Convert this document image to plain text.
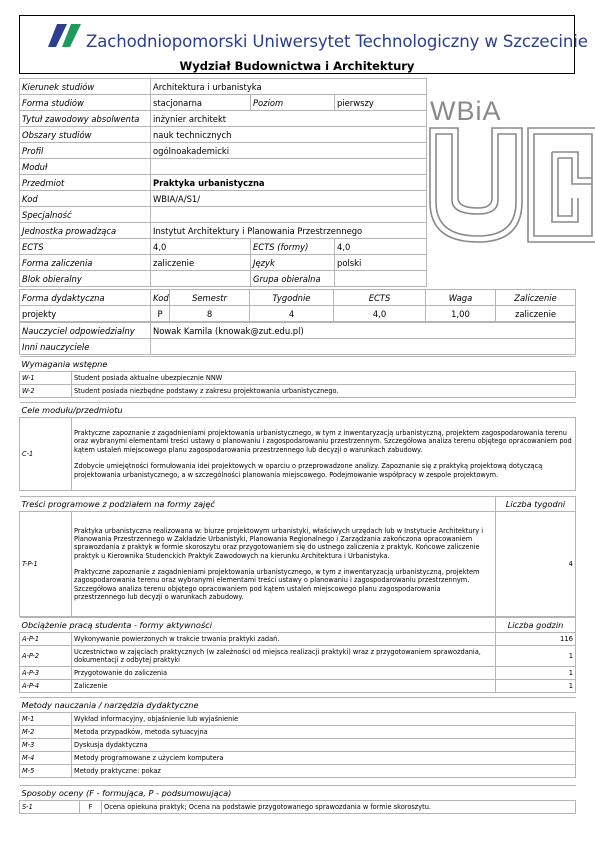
Zachodniopomorski Uniwersytet Technologiczny w Szczecinie
Wydział Budownictwa i Architektury
WBiA
Kierunek studiów	Architektura i urbanistyka			
Forma studiów	stacjonarna	Poziom	pierwszy	
Tytuł zawodowy absolwenta	inżynier architekt			
Obszary studiów	nauk technicznych			
Profil	ogólnoakademicki			
Moduł				
Przedmiot	Praktyka urbanistyczna			
Kod	WBIA/A/S1/			
Specjalność				
Jednostka prowadząca	Instytut Architektury i Planowania Przestrzennego			
ECTS	4,0	ECTS (formy)	4,0	
Forma zaliczenia	zaliczenie	Język	polski	
Blok obieralny		Grupa obieralna		
Forma dydaktyczna	Kod	Semestr	Tygodnie	ECTS	Waga	Zaliczenie
projekty	P	8	4	4,0	1,00	zaliczenie
Nauczyciel odpowiedzialny	Nowak Kamila (knowak@zut.edu.pl)
Inni nauczyciele	
Wymagania wstępne	
W-1	Student posiada aktualne ubezpiecznie NNW
W-2	Student posiada niezbędne podstawy z zakresu projektowania urbanistycznego.
Cele modułu/przedmiotu
C-1	Praktyczne zapoznanie z zagadnieniami projektowania urbanistycznego, w tym z inwentaryzacją urbanistyczną, projektem zagospodarowania terenu oraz wybranymi elementami treści ustawy o planowaniu i zagospodarowaniu przestrzennym. Szczegółowa analiza terenu objętego opracowaniem pod kątem ustaleń miejscowego planu zagospodarowania przestrzennego lub decyzji o warunkach zabudowy.

Zdobycie umiejętności formułowania idei projektowych w oparciu o przeprowadzone analizy. Zapoznanie się z praktyką projektową dotyczącą projektowania urbanistycznego, a w szczególności planowania miejscowego. Podejmowanie współpracy w zespole projektowym.
Treści programowe z podziałem na formy zajęć		Liczba tygodni
T-P-1	Praktyka urbanistyczna realizowana w: biurze projektowym urbanistyki, właściwych urzędach lub w Instytucie Architektury i Planowania Przestrzennego w Zakładzie Urbanistyki, Planowania Regionalnego i Zarządzania zakończona opracowaniem sprawozdania z praktyk w formie skoroszytu oraz przygotowaniem się do ustnego zaliczenia z praktyk. Końcowe zaliczenie praktyk u Kierownika Studenckich Praktyk Zawodowych na kierunku Architektura i Urbanistyka.

Praktyczne zapoznanie z zagadnieniami projektowania urbanistycznego, w tym z inwentaryzacją urbanistyczną, projektem zagospodarowania terenu oraz wybranymi elementami treści ustawy o planowaniu i zagospodarowaniu przestrzennym. Szczegółowa analiza terenu objętego opracowaniem pod kątem ustaleń miejscowego planu zagospodarowania przestrzennego lub decyzji o warunkach zabudowy.	4
Obciążenie pracą studenta - formy aktywności		Liczba godzin
A-P-1	Wykonywanie powierzonych w trakcie trwania praktyki zadań.	116
A-P-2	Uczestnictwo w zajęciach praktycznych (w zależności od miejsca realizacji praktyki) wraz z przygotowaniem sprawozdania, dokumentacji z odbytej praktyki	1
A-P-3	Przygotowanie do zaliczenia	1
A-P-4	Zaliczenie	1
Metody nauczania / narzędzia dydaktyczne	
M-1	Wykład informacyjny, objaśnienie lub wyjaśnienie
M-2	Metoda przypadków, metoda sytuacyjna
M-3	Dyskusja dydaktyczna
M-4	Metody programowane z użyciem komputera
M-5	Metody praktyczne: pokaz
Sposoby oceny (F - formująca, P - podsumowująca)
S-1	F	Ocena opiekuna praktyk; Ocena na podstawie przygotowanego sprawozdania w formie skoroszytu.
